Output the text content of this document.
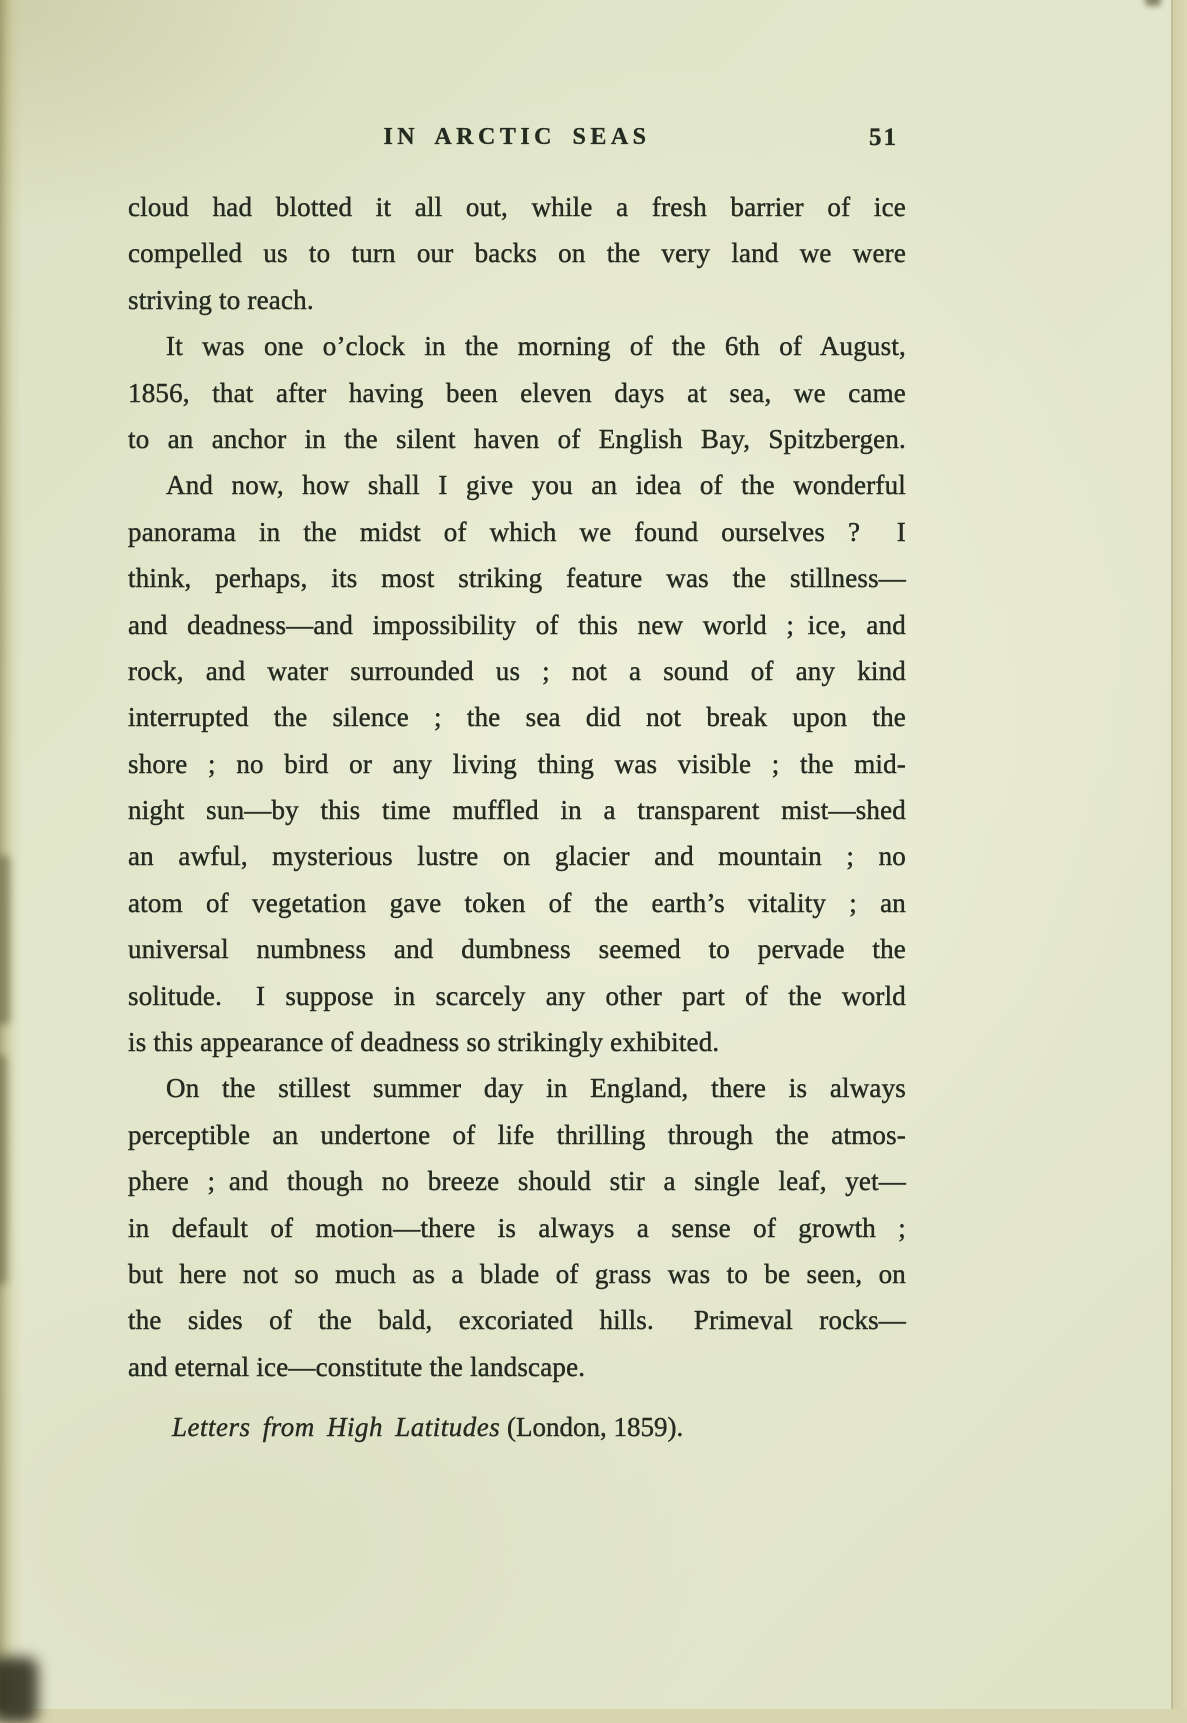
IN ARCTIC SEAS	51
cloud had blotted it all out, while a fresh barrier of ice
compelled us to turn our backs on the very land we were
striving to reach.
It was one o’clock in the morning of the 6th of August,
1856, that after having been eleven days at sea, we came
to an anchor in the silent haven of English Bay, Spitzbergen.
And now, how shall I give you an idea of the wonderful
panorama in the midst of which we found ourselves ?  I
think, perhaps, its most striking feature was the stillness—
and deadness—and impossibility of this new world ; ice, and
rock, and water surrounded us ; not a sound of any kind
interrupted the silence ; the sea did not break upon the
shore ; no bird or any living thing was visible ; the mid-
night sun—by this time muffled in a transparent mist—shed
an awful, mysterious lustre on glacier and mountain ; no
atom of vegetation gave token of the earth’s vitality ; an
universal numbness and dumbness seemed to pervade the
solitude.  I suppose in scarcely any other part of the world
is this appearance of deadness so strikingly exhibited.
On the stillest summer day in England, there is always
perceptible an undertone of life thrilling through the atmos-
phere ; and though no breeze should stir a single leaf, yet—
in default of motion—there is always a sense of growth ;
but here not so much as a blade of grass was to be seen, on
the sides of the bald, excoriated hills.  Primeval rocks—
and eternal ice—constitute the landscape.
Letters from High Latitudes (London, 1859).
